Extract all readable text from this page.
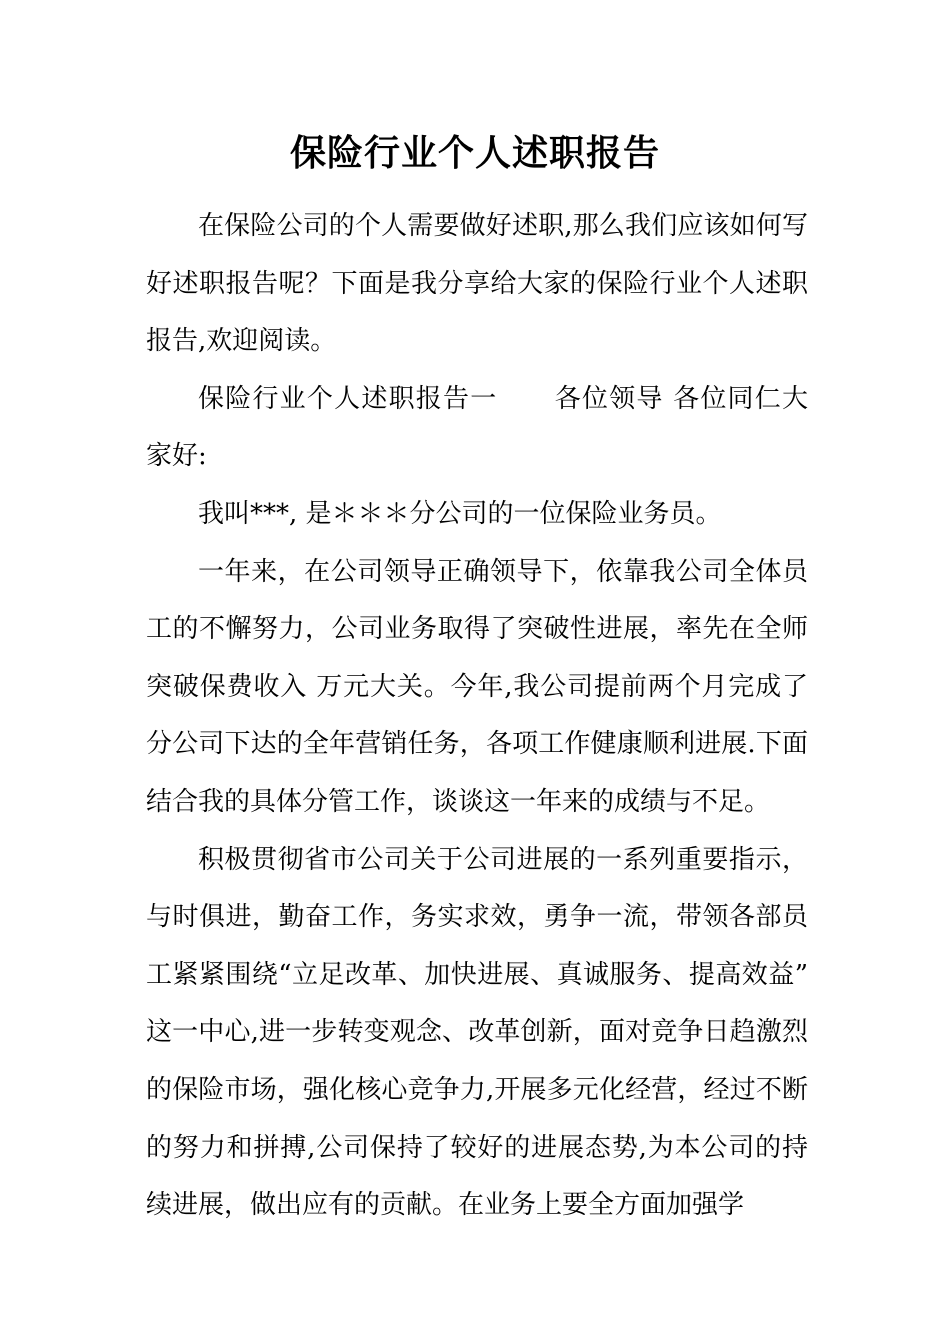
保险行业个人述职报告

在保险公司的个人需要做好述职,那么我们应该如何写好述职报告呢？下面是我分享给大家的保险行业个人述职报告,欢迎阅读。

保险行业个人述职报告一 各位领导 各位同仁大家好:

我叫***, 是＊＊＊分公司的一位保险业务员。

一年来，在公司领导正确领导下，依靠我公司全体员工的不懈努力，公司业务取得了突破性进展，率先在全师突破保费收入 万元大关。今年,我公司提前两个月完成了分公司下达的全年营销任务，各项工作健康顺利进展.下面结合我的具体分管工作，谈谈这一年来的成绩与不足。

积极贯彻省市公司关于公司进展的一系列重要指示，与时俱进，勤奋工作，务实求效，勇争一流，带领各部员工紧紧围绕“立足改革、加快进展、真诚服务、提高效益”这一中心,进一步转变观念、改革创新，面对竞争日趋激烈的保险市场，强化核心竞争力,开展多元化经营，经过不断的努力和拼搏,公司保持了较好的进展态势,为本公司的持续进展，做出应有的贡献。在业务上要全方面加强学
